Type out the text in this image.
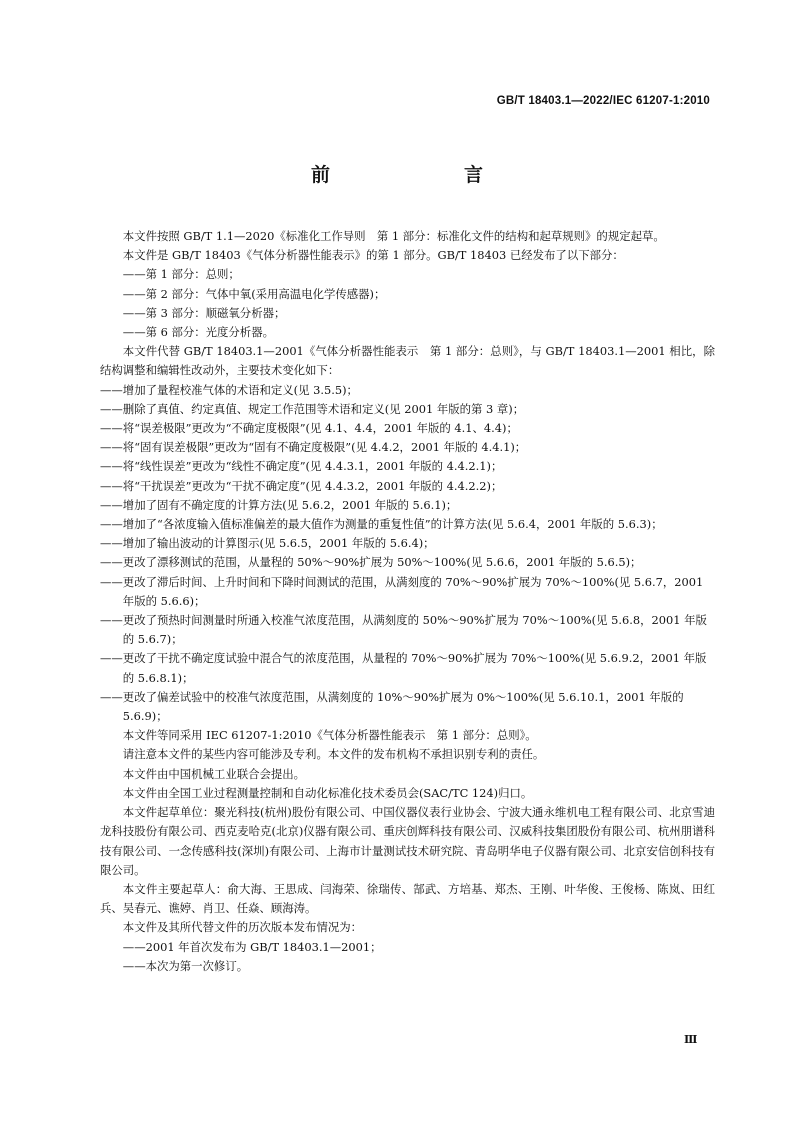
GB/T 18403.1—2022/IEC 61207-1:2010
前　　言

本文件按照 GB/T 1.1—2020《标准化工作导则　第 1 部分：标准化文件的结构和起草规则》的规定起草。

本文件是 GB/T 18403《气体分析器性能表示》的第 1 部分。GB/T 18403 已经发布了以下部分：

——第 1 部分：总则；

——第 2 部分：气体中氧(采用高温电化学传感器)；

——第 3 部分：顺磁氧分析器；

——第 6 部分：光度分析器。

本文件代替 GB/T 18403.1—2001《气体分析器性能表示　第 1 部分：总则》，与 GB/T 18403.1—2001 相比，除结构调整和编辑性改动外，主要技术变化如下：

——增加了量程校准气体的术语和定义(见 3.5.5)；

——删除了真值、约定真值、规定工作范围等术语和定义(见 2001 年版的第 3 章)；

——将“误差极限”更改为“不确定度极限”(见 4.1、4.4，2001 年版的 4.1、4.4)；

——将“固有误差极限”更改为“固有不确定度极限”(见 4.4.2，2001 年版的 4.4.1)；

——将“线性误差”更改为“线性不确定度”(见 4.4.3.1，2001 年版的 4.4.2.1)；

——将“干扰误差”更改为“干扰不确定度”(见 4.4.3.2，2001 年版的 4.4.2.2)；

——增加了固有不确定度的计算方法(见 5.6.2，2001 年版的 5.6.1)；

——增加了“各浓度输入值标准偏差的最大值作为测量的重复性值”的计算方法(见 5.6.4，2001 年版的 5.6.3)；

——增加了输出波动的计算图示(见 5.6.5，2001 年版的 5.6.4)；

——更改了漂移测试的范围，从量程的 50%～90%扩展为 50%～100%(见 5.6.6，2001 年版的 5.6.5)；

——更改了滞后时间、上升时间和下降时间测试的范围，从满刻度的 70%～90%扩展为 70%～100%(见 5.6.7，2001 年版的 5.6.6)；

——更改了预热时间测量时所通入校准气浓度范围，从满刻度的 50%～90%扩展为 70%～100%(见 5.6.8，2001 年版的 5.6.7)；

——更改了干扰不确定度试验中混合气的浓度范围，从量程的 70%～90%扩展为 70%～100%(见 5.6.9.2，2001 年版的 5.6.8.1)；

——更改了偏差试验中的校准气浓度范围，从满刻度的 10%～90%扩展为 0%～100%(见 5.6.10.1，2001 年版的 5.6.9)；

本文件等同采用 IEC 61207-1:2010《气体分析器性能表示　第 1 部分：总则》。

请注意本文件的某些内容可能涉及专利。本文件的发布机构不承担识别专利的责任。

本文件由中国机械工业联合会提出。

本文件由全国工业过程测量控制和自动化标准化技术委员会(SAC/TC 124)归口。

本文件起草单位：聚光科技(杭州)股份有限公司、中国仪器仪表行业协会、宁波大通永维机电工程有限公司、北京雪迪龙科技股份有限公司、西克麦哈克(北京)仪器有限公司、重庆创辉科技有限公司、汉威科技集团股份有限公司、杭州朋谱科技有限公司、一念传感科技(深圳)有限公司、上海市计量测试技术研究院、青岛明华电子仪器有限公司、北京安信创科技有限公司。

本文件主要起草人：俞大海、王思成、闫海荣、徐瑞传、郜武、方培基、郑杰、王刚、叶华俊、王俊杨、陈岚、田红兵、吴春元、谯婷、肖卫、任焱、顾海涛。

本文件及其所代替文件的历次版本发布情况为：

——2001 年首次发布为 GB/T 18403.1—2001；

——本次为第一次修订。

Ⅲ
